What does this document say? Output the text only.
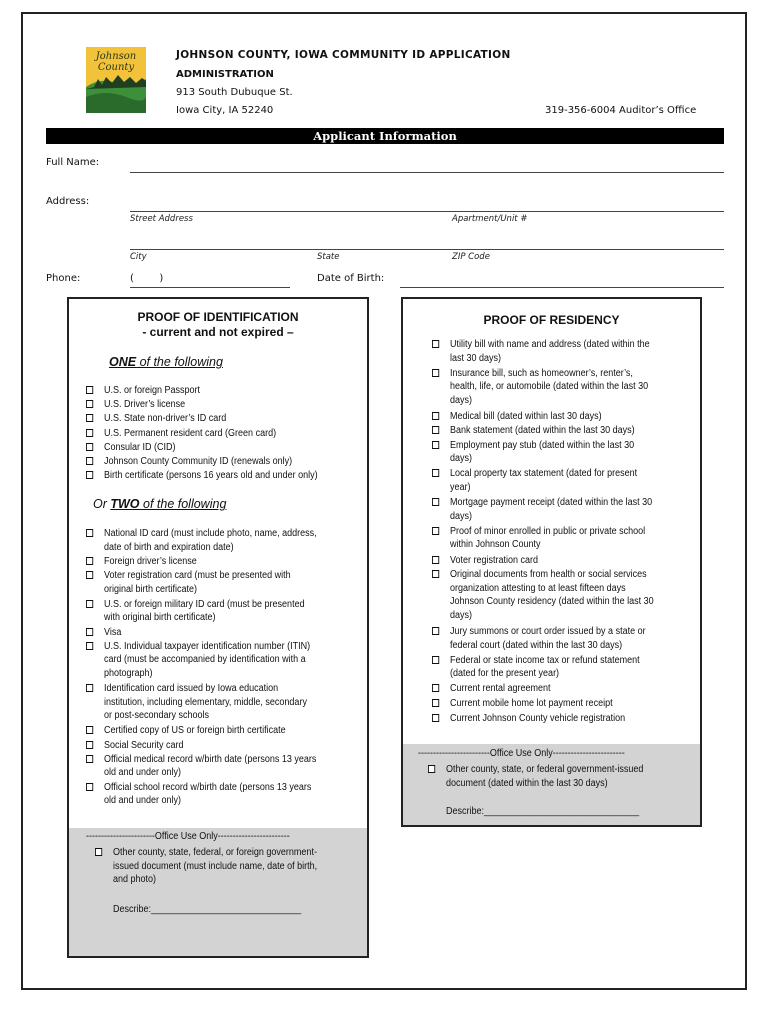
Johnson
County
JOHNSON COUNTY, IOWA COMMUNITY ID APPLICATION
ADMINISTRATION
913 South Dubuque St.
Iowa City, IA 52240	319-356-6004 Auditor’s Office
Applicant Information
Full Name:
Address:
Street Address	Apartment/Unit #
City	State	ZIP Code
Phone:	(        )	Date of Birth:
PROOF OF IDENTIFICATION
- current and not expired –
ONE of the following
U.S. or foreign Passport
U.S. Driver’s license
U.S. State non-driver’s ID card
U.S. Permanent resident card (Green card)
Consular ID (CID)
Johnson County Community ID (renewals only)
Birth certificate (persons 16 years old and under only)
Or TWO of the following
National ID card (must include photo, name, address,
date of birth and expiration date)
Foreign driver’s license
Voter registration card (must be presented with
original birth certificate)
U.S. or foreign military ID card (must be presented
with original birth certificate)
Visa
U.S. Individual taxpayer identification number (ITIN)
card (must be accompanied by identification with a
photograph)
Identification card issued by Iowa education
institution, including elementary, middle, secondary
or post-secondary schools
Certified copy of US or foreign birth certificate
Social Security card
Official medical record w/birth date (persons 13 years
old and under only)
Official school record w/birth date (persons 13 years
old and under only)
-----------------------Office Use Only------------------------
Other county, state, federal, or foreign government-
issued document (must include name, date of birth,
and photo)
Describe:______________________________
PROOF OF RESIDENCY
Utility bill with name and address (dated within the
last 30 days)
Insurance bill, such as homeowner’s, renter’s,
health, life, or automobile (dated within the last 30
days)
Medical bill (dated within last 30 days)
Bank statement (dated within the last 30 days)
Employment pay stub (dated within the last 30
days)
Local property tax statement (dated for present
year)
Mortgage payment receipt (dated within the last 30
days)
Proof of minor enrolled in public or private school
within Johnson County
Voter registration card
Original documents from health or social services
organization attesting to at least fifteen days
Johnson County residency (dated within the last 30
days)
Jury summons or court order issued by a state or
federal court (dated within the last 30 days)
Federal or state income tax or refund statement
(dated for the present year)
Current rental agreement
Current mobile home lot payment receipt
Current Johnson County vehicle registration
------------------------Office Use Only------------------------
Other county, state, or federal government-issued
document (dated within the last 30 days)
Describe:_______________________________
